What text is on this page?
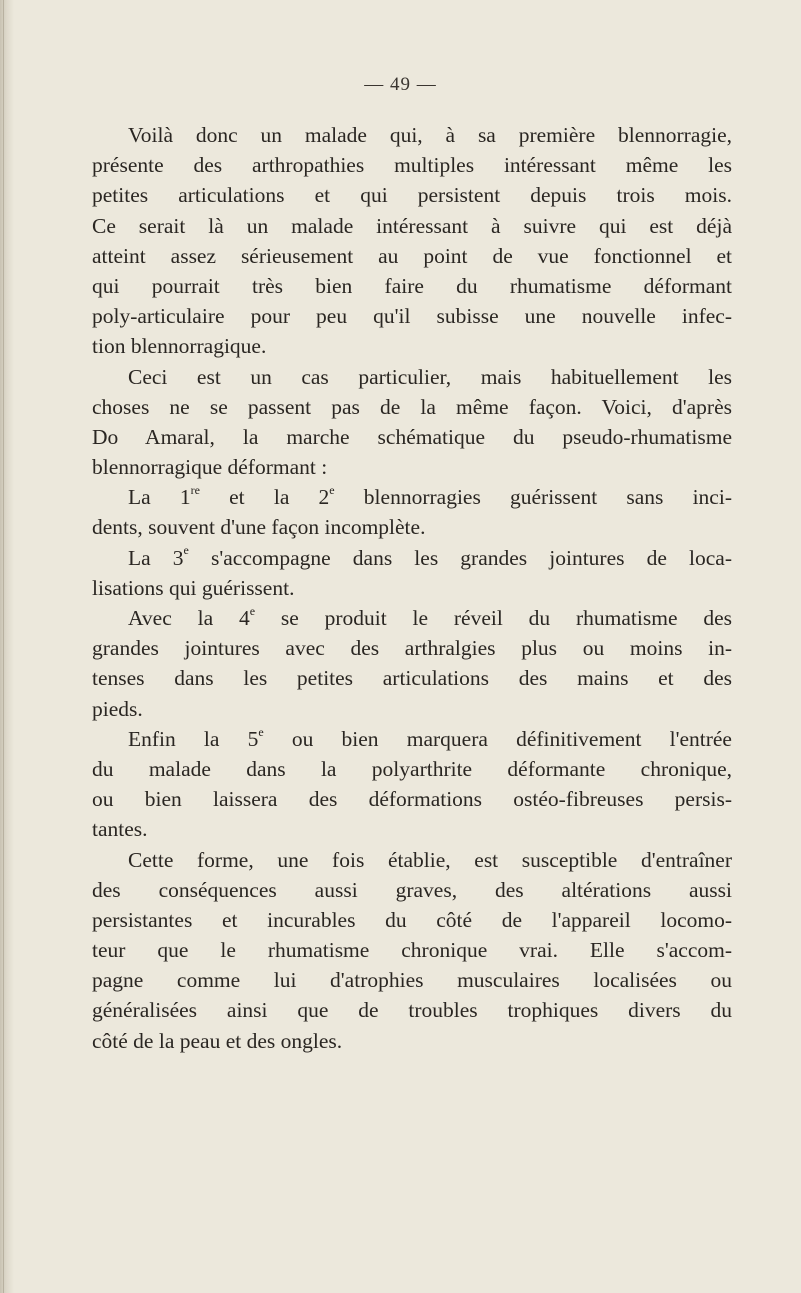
— 49 —
Voilà donc un malade qui, à sa première blennorragie,
présente des arthropathies multiples intéressant même les
petites articulations et qui persistent depuis trois mois.
Ce serait là un malade intéressant à suivre qui est déjà
atteint assez sérieusement au point de vue fonctionnel et
qui pourrait très bien faire du rhumatisme déformant
poly-articulaire pour peu qu'il subisse une nouvelle infec-
tion blennorragique.
Ceci est un cas particulier, mais habituellement les
choses ne se passent pas de la même façon. Voici, d'après
Do Amaral, la marche schématique du pseudo-rhumatisme
blennorragique déformant :
La 1re et la 2e blennorragies guérissent sans inci-
dents, souvent d'une façon incomplète.
La 3e s'accompagne dans les grandes jointures de loca-
lisations qui guérissent.
Avec la 4e se produit le réveil du rhumatisme des
grandes jointures avec des arthralgies plus ou moins in-
tenses dans les petites articulations des mains et des
pieds.
Enfin la 5e ou bien marquera définitivement l'entrée
du malade dans la polyarthrite déformante chronique,
ou bien laissera des déformations ostéo-fibreuses persis-
tantes.
Cette forme, une fois établie, est susceptible d'entraîner
des conséquences aussi graves, des altérations aussi
persistantes et incurables du côté de l'appareil locomo-
teur que le rhumatisme chronique vrai. Elle s'accom-
pagne comme lui d'atrophies musculaires localisées ou
généralisées ainsi que de troubles trophiques divers du
côté de la peau et des ongles.
